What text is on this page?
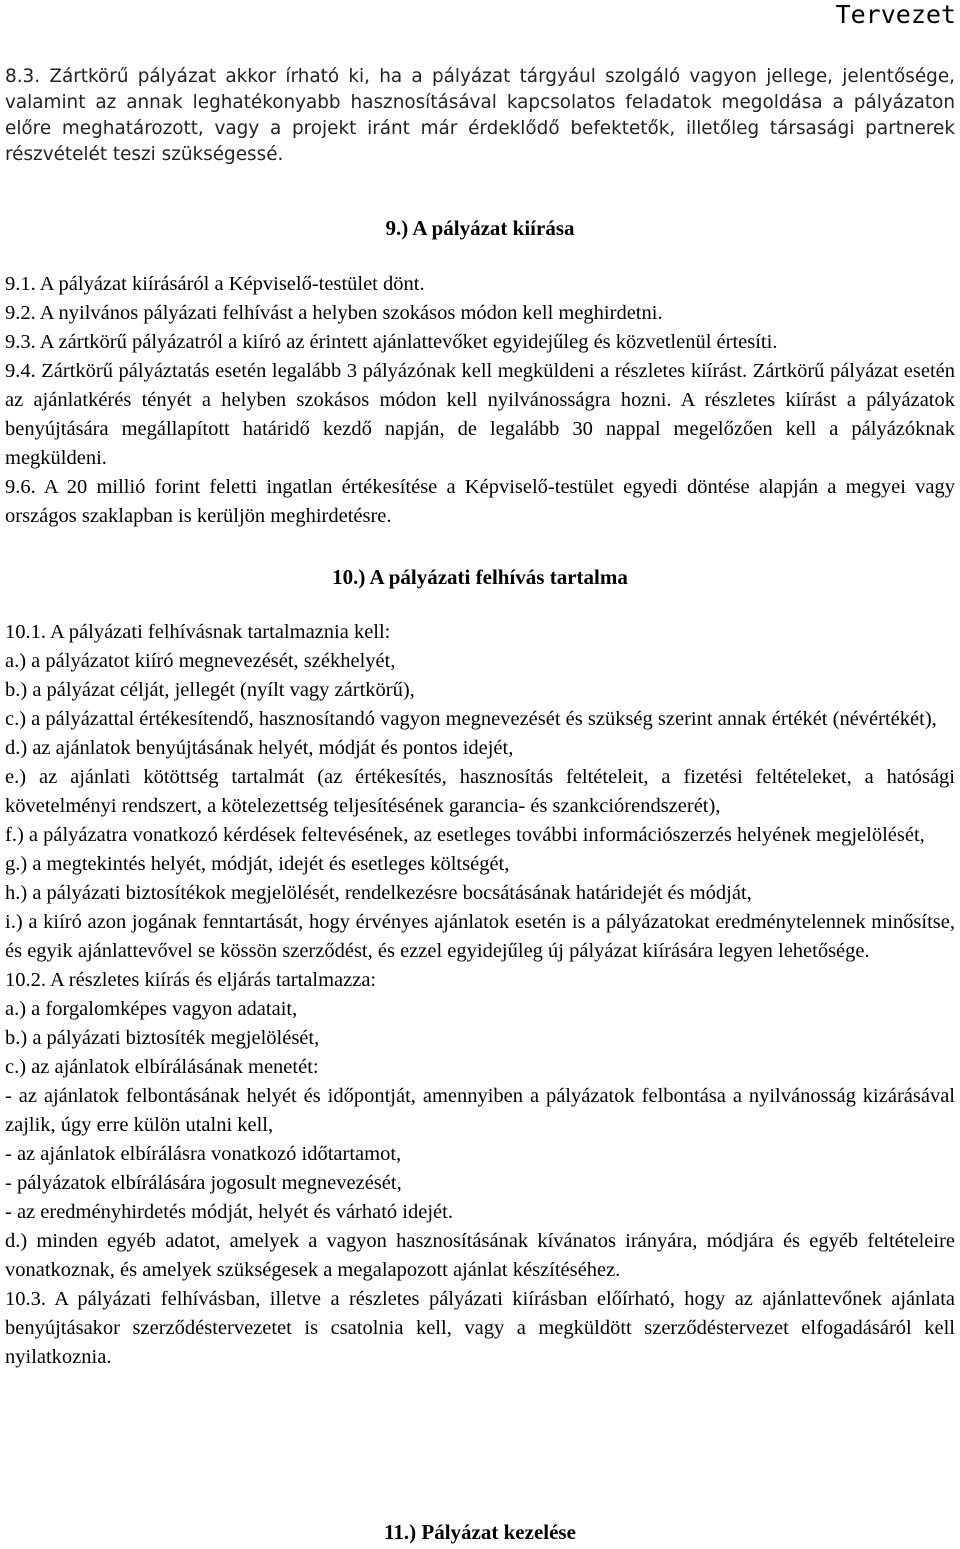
Tervezet
8.3. Zártkörű pályázat akkor írható ki, ha a pályázat tárgyául szolgáló vagyon jellege, jelentősége, valamint az annak leghatékonyabb hasznosításával kapcsolatos feladatok megoldása a pályázaton előre meghatározott, vagy a projekt iránt már érdeklődő befektetők, illetőleg társasági partnerek részvételét teszi szükségessé.
9.) A pályázat kiírása

9.1. A pályázat kiírásáról a Képviselő-testület dönt.

9.2. A nyilvános pályázati felhívást a helyben szokásos módon kell meghirdetni.

9.3. A zártkörű pályázatról a kiíró az érintett ajánlattevőket egyidejűleg és közvetlenül értesíti.

9.4. Zártkörű pályáztatás esetén legalább 3 pályázónak kell megküldeni a részletes kiírást. Zártkörű pályázat esetén az ajánlatkérés tényét a helyben szokásos módon kell nyilvánosságra hozni. A részletes kiírást a pályázatok benyújtására megállapított határidő kezdő napján, de legalább 30 nappal megelőzően kell a pályázóknak megküldeni.

9.6. A 20 millió forint feletti ingatlan értékesítése a Képviselő-testület egyedi döntése alapján a megyei vagy országos szaklapban is kerüljön meghirdetésre.

10.) A pályázati felhívás tartalma

10.1. A pályázati felhívásnak tartalmaznia kell:

a.) a pályázatot kiíró megnevezését, székhelyét,

b.) a pályázat célját, jellegét (nyílt vagy zártkörű),

c.) a pályázattal értékesítendő, hasznosítandó vagyon megnevezését és szükség szerint annak értékét (névértékét),

d.) az ajánlatok benyújtásának helyét, módját és pontos idejét,

e.) az ajánlati kötöttség tartalmát (az értékesítés, hasznosítás feltételeit, a fizetési feltételeket, a hatósági követelményi rendszert, a kötelezettség teljesítésének garancia- és szankciórendszerét),

f.) a pályázatra vonatkozó kérdések feltevésének, az esetleges további információszerzés helyének megjelölését,

g.) a megtekintés helyét, módját, idejét és esetleges költségét,

h.) a pályázati biztosítékok megjelölését, rendelkezésre bocsátásának határidejét és módját,

i.) a kiíró azon jogának fenntartását, hogy érvényes ajánlatok esetén is a pályázatokat eredménytelennek minősítse, és egyik ajánlattevővel se kössön szerződést, és ezzel egyidejűleg új pályázat kiírására legyen lehetősége.

10.2. A részletes kiírás és eljárás tartalmazza:

a.) a forgalomképes vagyon adatait,

b.) a pályázati biztosíték megjelölését,

c.) az ajánlatok elbírálásának menetét:

- az ajánlatok felbontásának helyét és időpontját, amennyiben a pályázatok felbontása a nyilvánosság kizárásával zajlik, úgy erre külön utalni kell,

- az ajánlatok elbírálásra vonatkozó időtartamot,

- pályázatok elbírálására jogosult megnevezését,

- az eredményhirdetés módját, helyét és várható idejét.

d.) minden egyéb adatot, amelyek a vagyon hasznosításának kívánatos irányára, módjára és egyéb feltételeire vonatkoznak, és amelyek szükségesek a megalapozott ajánlat készítéséhez.

10.3. A pályázati felhívásban, illetve a részletes pályázati kiírásban előírható, hogy az ajánlattevőnek ajánlata benyújtásakor szerződéstervezetet is csatolnia kell, vagy a megküldött szerződéstervezet elfogadásáról kell nyilatkoznia.

11.) Pályázat kezelése
